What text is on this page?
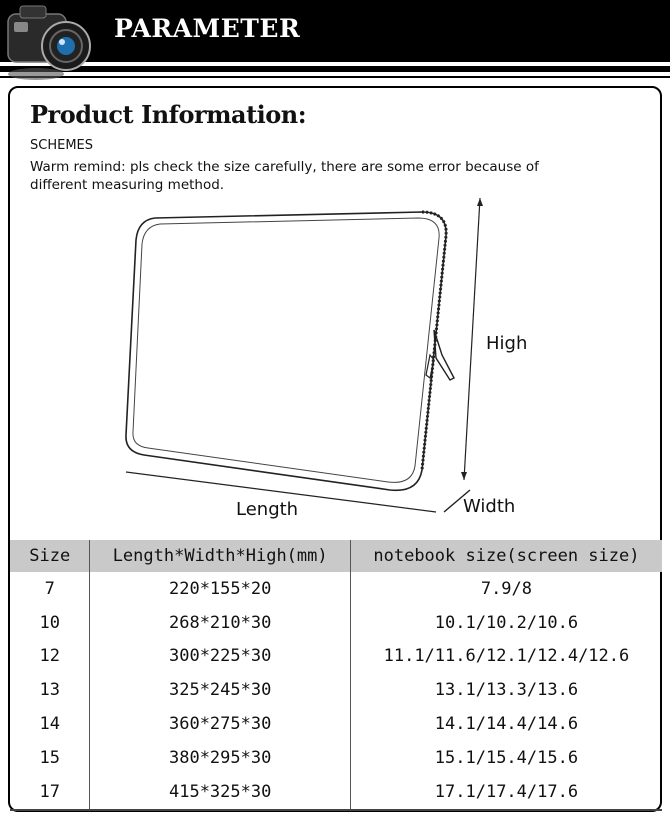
PARAMETER
Product Information:
SCHEMES
Warm remind: pls check the size carefully, there are some error because of different measuring method.
High
Length	Width
Size	Length*Width*High(mm)	notebook size(screen size)
7	220*155*20	7.9/8
10	268*210*30	10.1/10.2/10.6
12	300*225*30	11.1/11.6/12.1/12.4/12.6
13	325*245*30	13.1/13.3/13.6
14	360*275*30	14.1/14.4/14.6
15	380*295*30	15.1/15.4/15.6
17	415*325*30	17.1/17.4/17.6
